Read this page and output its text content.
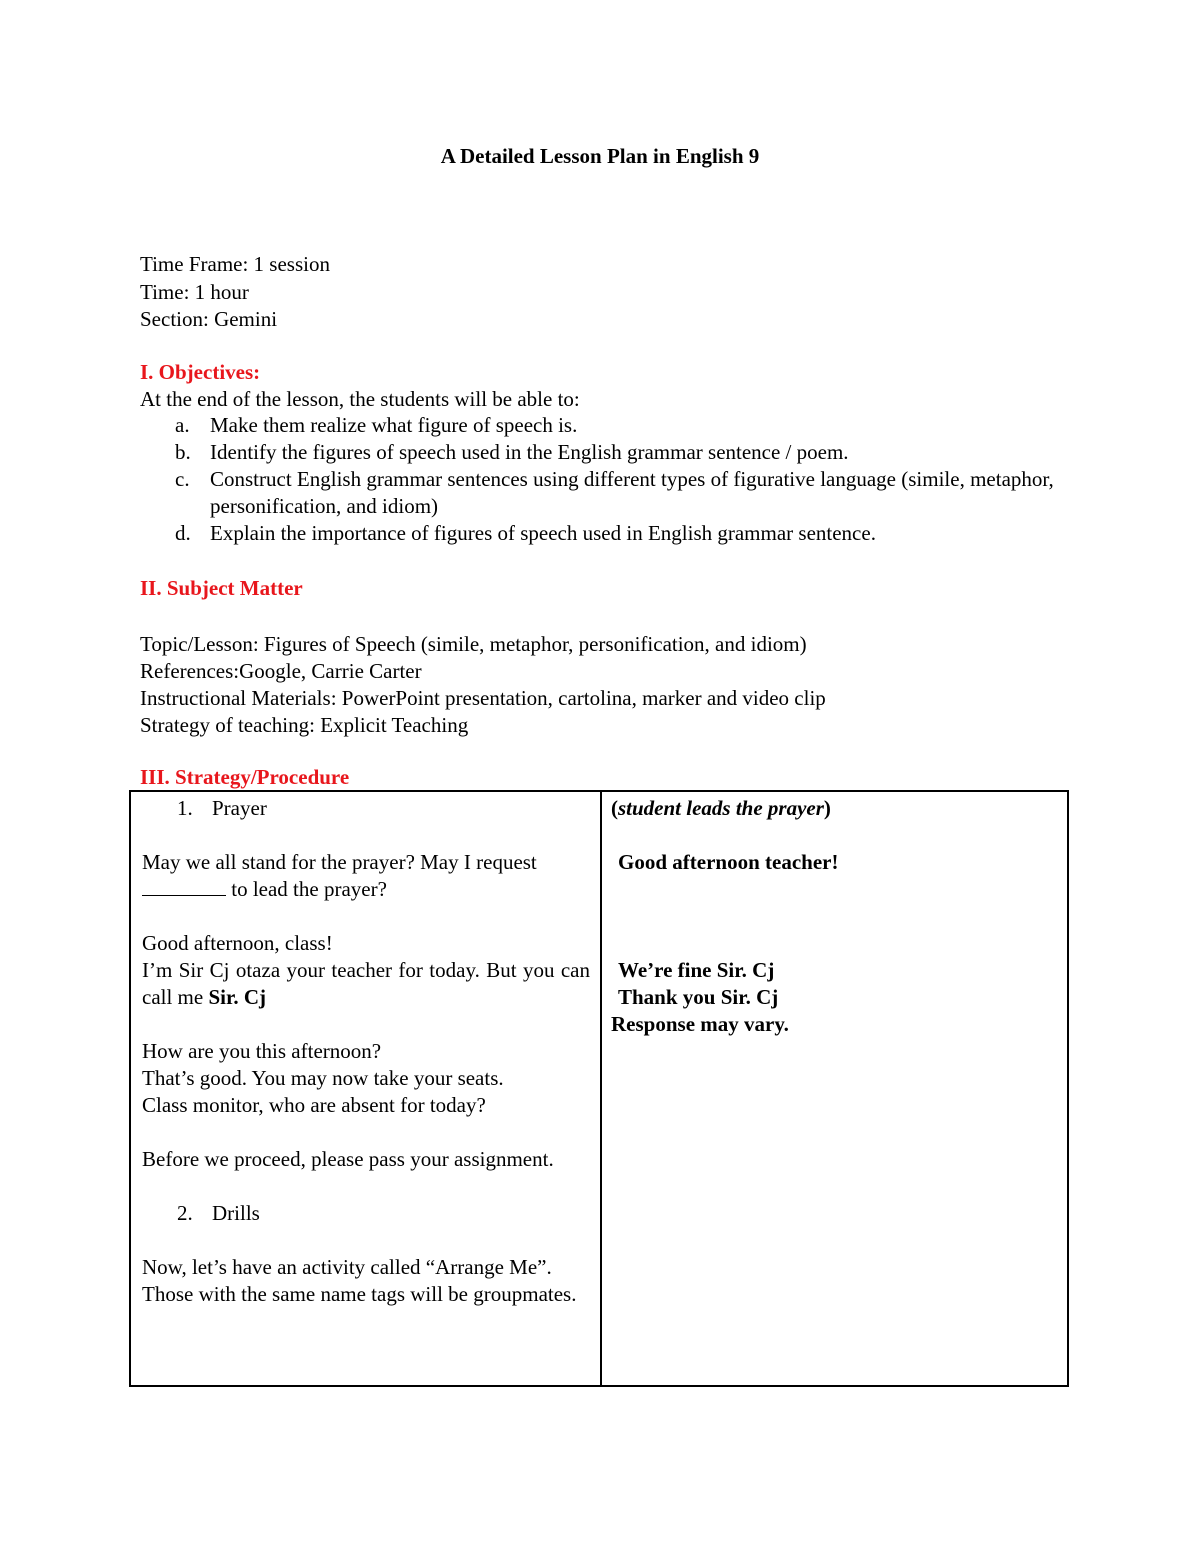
A Detailed Lesson Plan in English 9
Time Frame: 1 session
Time: 1 hour
Section: Gemini
I. Objectives:
At the end of the lesson, the students will be able to:
a. Make them realize what figure of speech is.
b. Identify the figures of speech used in the English grammar sentence / poem.
c. Construct English grammar sentences using different types of figurative language (simile, metaphor, personification, and idiom)
d. Explain the importance of figures of speech used in English grammar sentence.
II. Subject Matter
Topic/Lesson: Figures of Speech (simile, metaphor, personification, and idiom)
References:Google, Carrie Carter
Instructional Materials: PowerPoint presentation, cartolina, marker and video clip
Strategy of teaching: Explicit Teaching
III. Strategy/Procedure
1. Prayer
May we all stand for the prayer? May I request
to lead the prayer?
Good afternoon, class!
I’m Sir Cj otaza your teacher for today. But you can call me Sir. Cj
How are you this afternoon?
That’s good. You may now take your seats.
Class monitor, who are absent for today?
Before we proceed, please pass your assignment.
2. Drills
Now, let’s have an activity called “Arrange Me”.
Those with the same name tags will be groupmates.
(student leads the prayer)
Good afternoon teacher!
We’re fine Sir. Cj
Thank you Sir. Cj
Response may vary.
